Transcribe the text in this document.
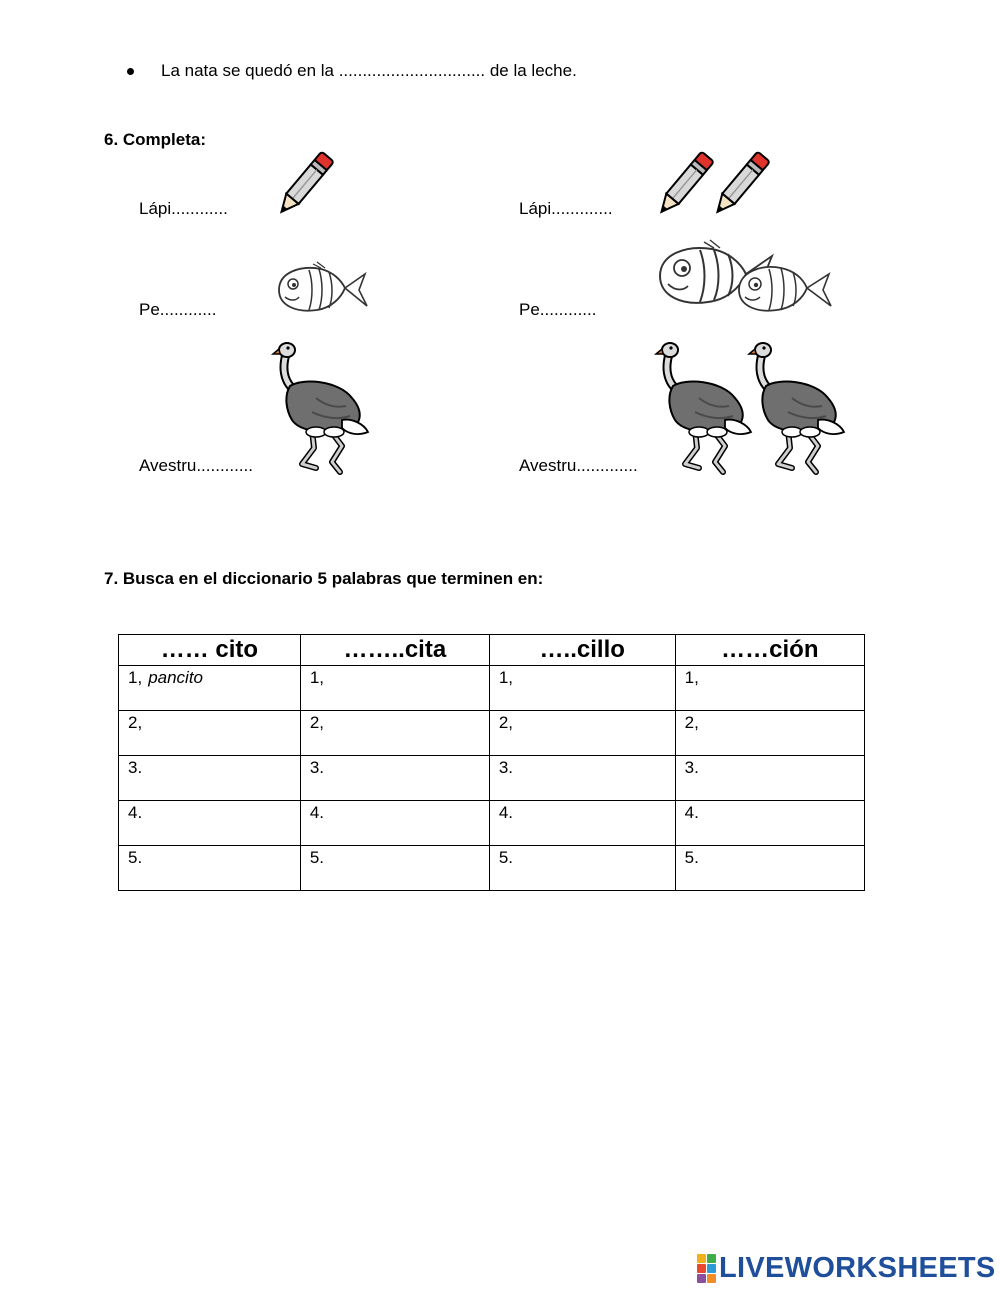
La nata se quedó en la ............................... de la leche.
6. Completa:
Lápi............	Lápi.............
Pe............	Pe............
Avestru............	Avestru.............
7. Busca en el diccionario 5 palabras que terminen en:
…… cito	……..cita	…..cillo	……ción
1, pancito	1,	1,	1,
2,	2,	2,	2,
3.	3.	3.	3.
4.	4.	4.	4.
5.	5.	5.	5.
LIVEWORKSHEETS
